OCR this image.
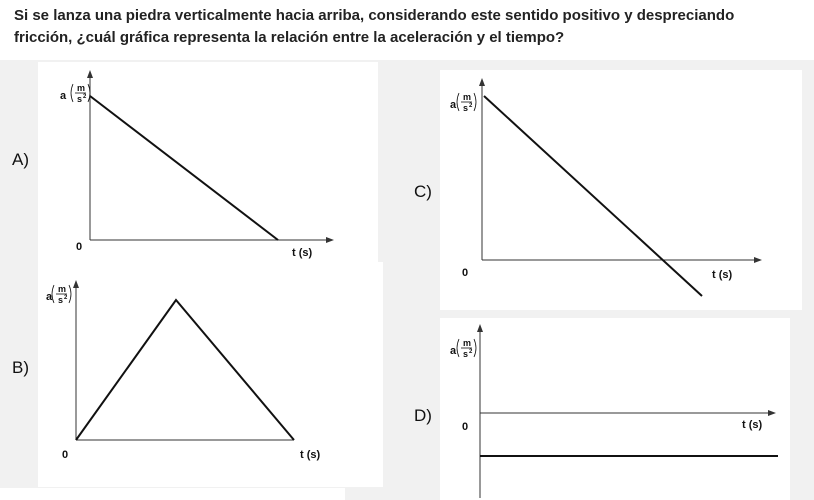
Si se lanza una piedra verticalmente hacia arriba, considerando este sentido positivo y despreciando
fricción, ¿cuál gráfica representa la relación entre la aceleración y el tiempo?
A)
a
m
s 2
0	t (s)
B)
a
m
s 2
0	t (s)
C)
a
m
s 2
0	t (s)
D)
a
m
s 2
0	t (s)
